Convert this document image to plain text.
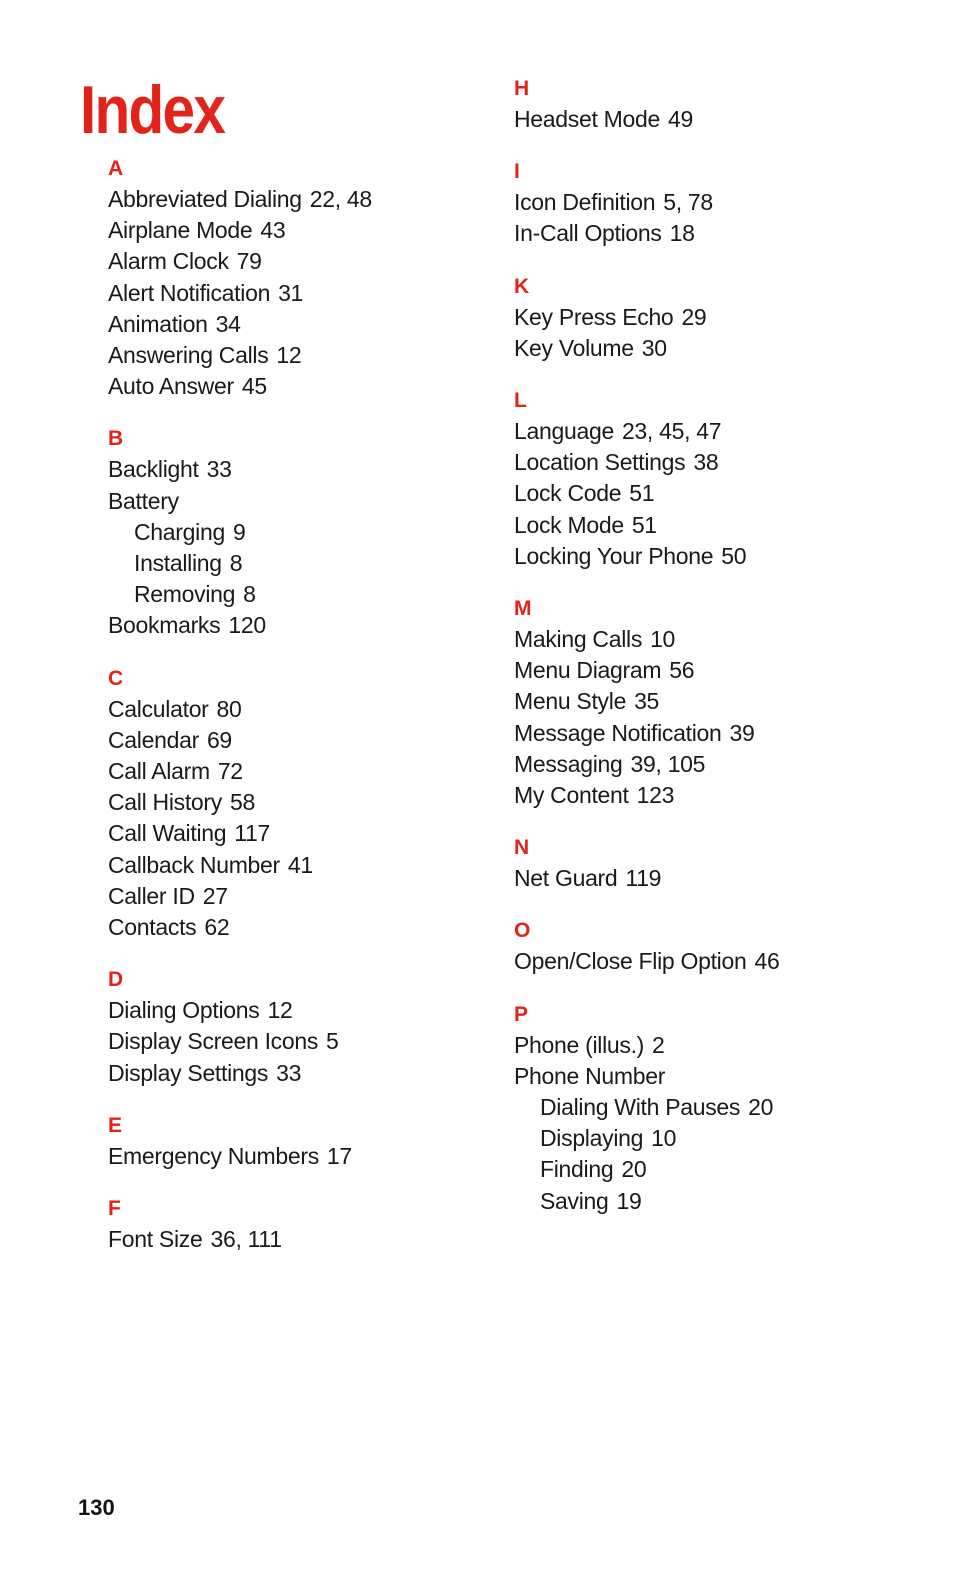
Index
A
Abbreviated Dialing 22, 48
Airplane Mode 43
Alarm Clock 79
Alert Notification 31
Animation 34
Answering Calls 12
Auto Answer 45
B
Backlight 33
Battery
Charging 9
Installing 8
Removing 8
Bookmarks 120
C
Calculator 80
Calendar 69
Call Alarm 72
Call History 58
Call Waiting 117
Callback Number 41
Caller ID 27
Contacts 62
D
Dialing Options 12
Display Screen Icons 5
Display Settings 33
E
Emergency Numbers 17
F
Font Size 36, 111
H
Headset Mode 49
I
Icon Definition 5, 78
In-Call Options 18
K
Key Press Echo 29
Key Volume 30
L
Language 23, 45, 47
Location Settings 38
Lock Code 51
Lock Mode 51
Locking Your Phone 50
M
Making Calls 10
Menu Diagram 56
Menu Style 35
Message Notification 39
Messaging 39, 105
My Content 123
N
Net Guard 119
O
Open/Close Flip Option 46
P
Phone (illus.) 2
Phone Number
Dialing With Pauses 20
Displaying 10
Finding 20
Saving 19
130
